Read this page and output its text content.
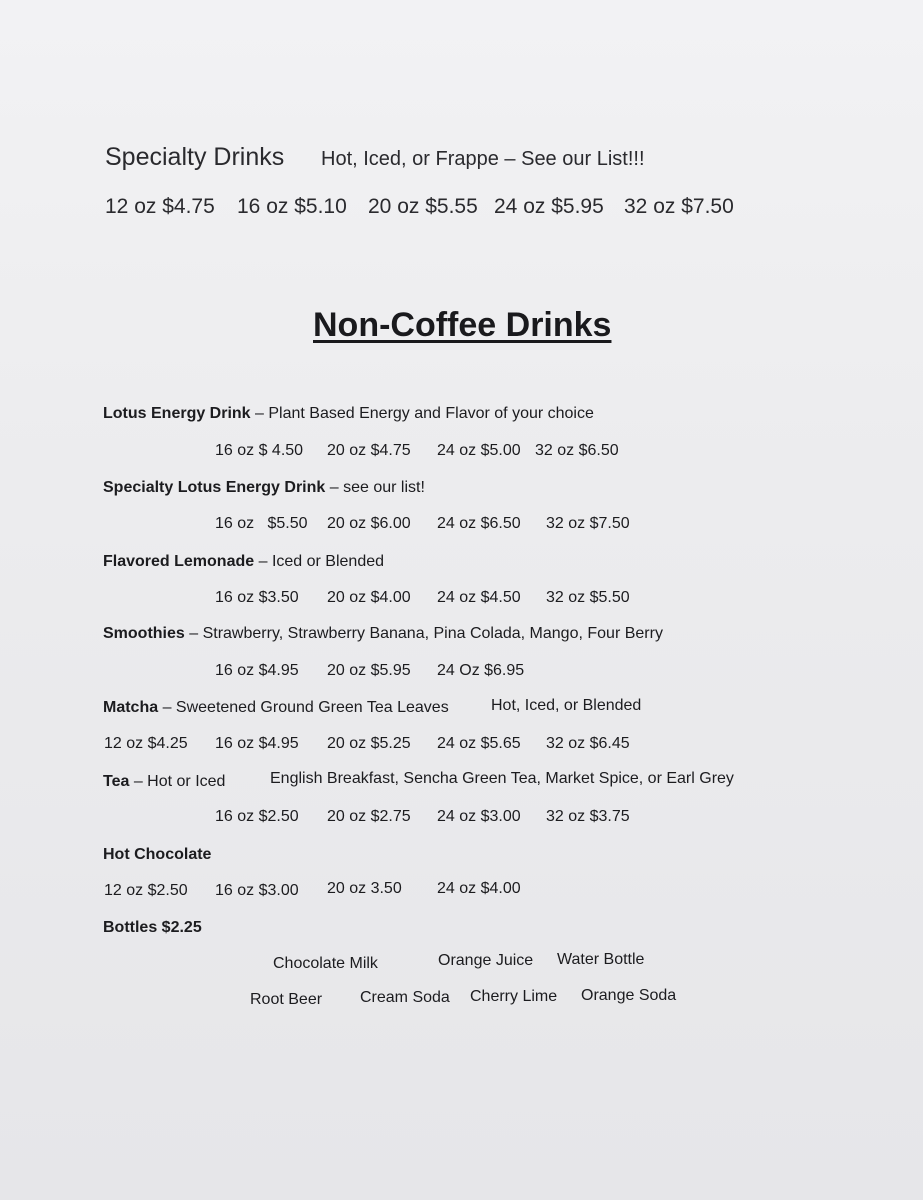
Specialty Drinks Hot, Iced, or Frappe – See our List!!!
12 oz $4.75 16 oz $5.10 20 oz $5.55 24 oz $5.95 32 oz $7.50
Non-Coffee Drinks
Lotus Energy Drink – Plant Based Energy and Flavor of your choice
16 oz $ 4.50 20 oz $4.75 24 oz $5.00 32 oz $6.50
Specialty Lotus Energy Drink – see our list!
16 oz   $5.50 20 oz $6.00 24 oz $6.50 32 oz $7.50
Flavored Lemonade – Iced or Blended
16 oz $3.50 20 oz $4.00 24 oz $4.50 32 oz $5.50
Smoothies – Strawberry, Strawberry Banana, Pina Colada, Mango, Four Berry
16 oz $4.95 20 oz $5.95 24 Oz $6.95
Matcha – Sweetened Ground Green Tea Leaves	Hot, Iced, or Blended
12 oz $4.25 16 oz $4.95 20 oz $5.25 24 oz $5.65 32 oz $6.45
Tea – Hot or Iced	English Breakfast, Sencha Green Tea, Market Spice, or Earl Grey
16 oz $2.50 20 oz $2.75 24 oz $3.00 32 oz $3.75
Hot Chocolate
12 oz $2.50 16 oz $3.00 20 oz 3.50 24 oz $4.00
Bottles $2.25
Chocolate Milk	Orange Juice Water Bottle
Root Beer Cream Soda Cherry Lime Orange Soda
